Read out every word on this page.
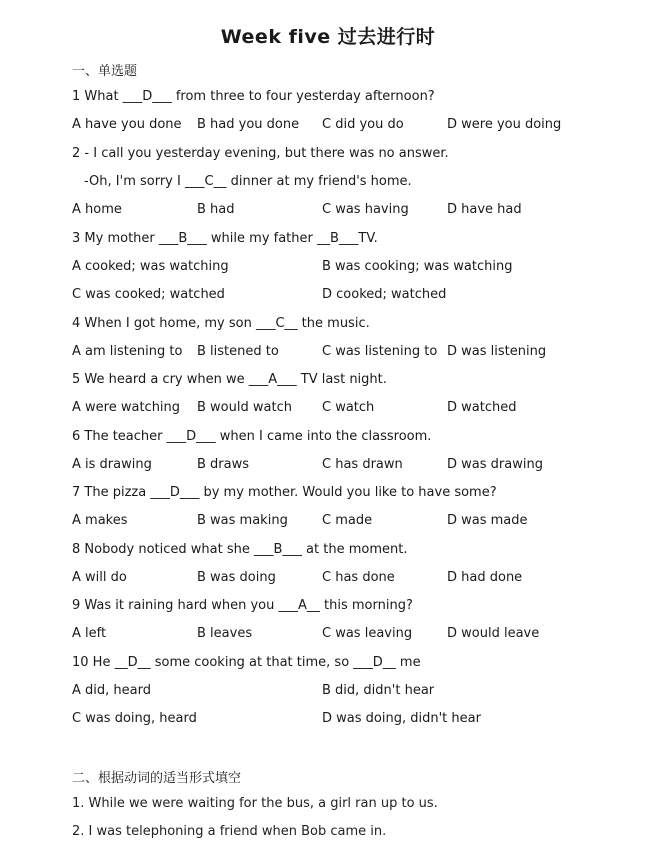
Week five 过去进行时
一、单选题
1 What ___D___ from three to four yesterday afternoon?
A have you done B had you done C did you do	D were you doing
2 - I call you yesterday evening, but there was no answer.
-Oh, I'm sorry I ___C__ dinner at my friend's home.
A home	B had	C was having	D have had
3 My mother ___B___ while my father __B___TV.
A cooked; was watching	B was cooking; was watching
C was cooked; watched	D cooked; watched
4 When I got home, my son ___C__ the music.
A am listening to B listened to	C was listening to D was listening
5 We heard a cry when we ___A___ TV last night.
A were watching B would watch C watch	D watched
6 The teacher ___D___ when I came into the classroom.
A is drawing	B draws	C has drawn	D was drawing
7 The pizza ___D___ by my mother. Would you like to have some?
A makes	B was making	C made	D was made
8 Nobody noticed what she ___B___ at the moment.
A will do	B was doing	C has done	D had done
9 Was it raining hard when you ___A__ this morning?
A left	B leaves	C was leaving	D would leave
10 He __D__ some cooking at that time, so ___D__ me
A did, heard	B did, didn't hear
C was doing, heard	D was doing, didn't hear
二、根据动词的适当形式填空
1. While we were waiting for the bus, a girl ran up to us.
2. I was telephoning a friend when Bob came in.
